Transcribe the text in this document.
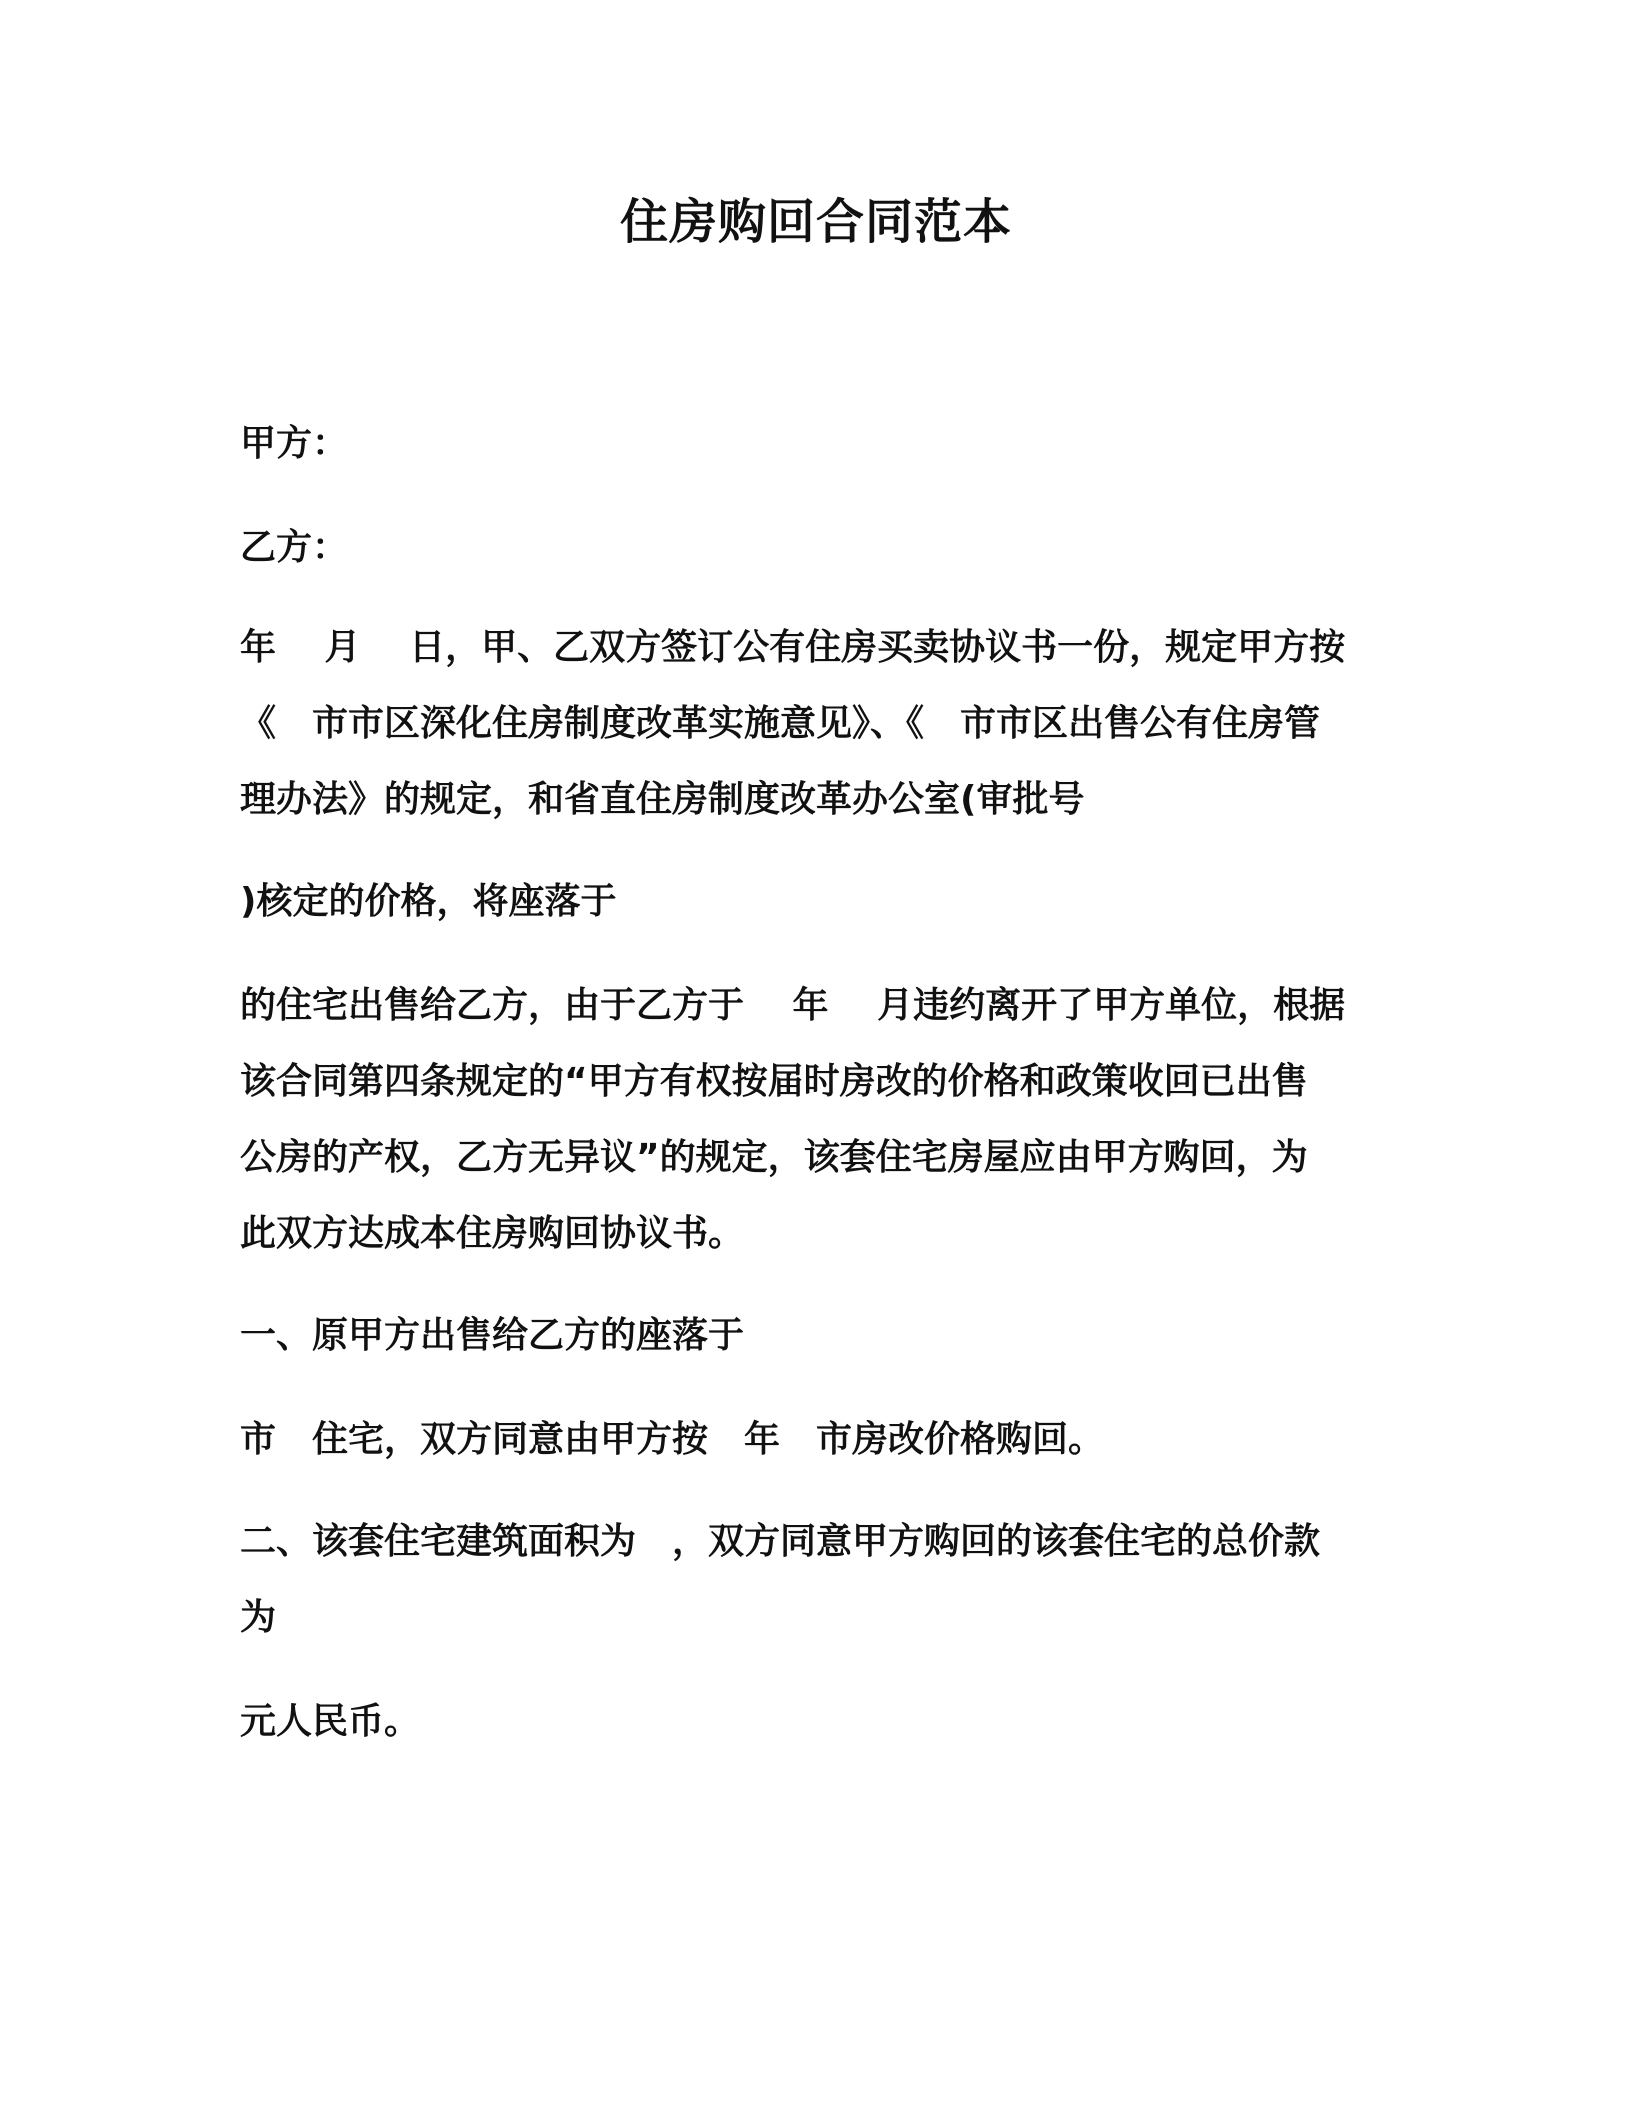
住房购回合同范本
甲方：
乙方：
年　 月　 日，甲、乙双方签订公有住房买卖协议书一份，规定甲方按
《　市市区深化住房制度改革实施意见》、《　市市区出售公有住房管
理办法》的规定，和省直住房制度改革办公室(审批号
)核定的价格，将座落于
的住宅出售给乙方，由于乙方于　 年　 月违约离开了甲方单位，根据
该合同第四条规定的“甲方有权按届时房改的价格和政策收回已出售
公房的产权，乙方无异议”的规定，该套住宅房屋应由甲方购回，为
此双方达成本住房购回协议书。
一、原甲方出售给乙方的座落于
市　住宅，双方同意由甲方按　年　市房改价格购回。
二、该套住宅建筑面积为　，双方同意甲方购回的该套住宅的总价款
为
元人民币。
